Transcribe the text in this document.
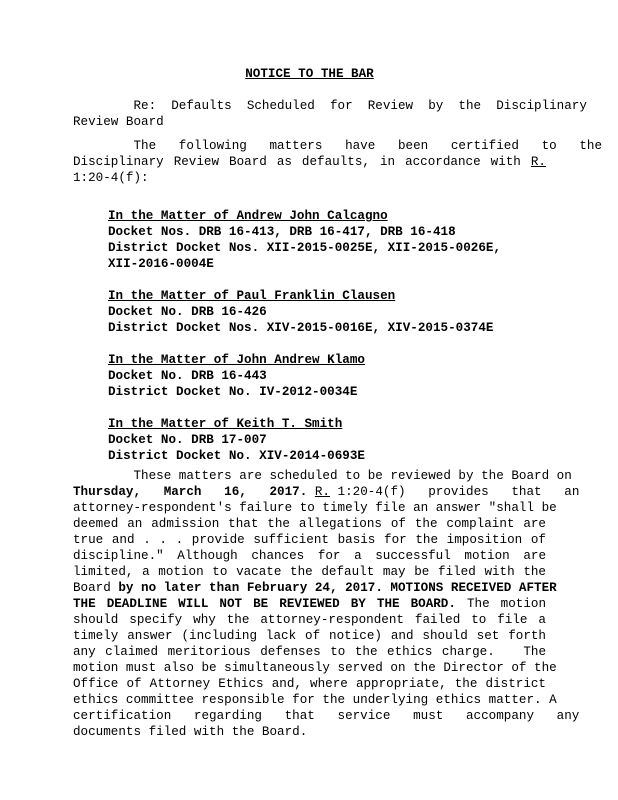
NOTICE TO THE BAR
Re:  Defaults  Scheduled  for  Review  by  the  Disciplinary
Review Board
The   following   matters   have   been   certified   to   the
Disciplinary Review Board as defaults, in accordance with R.
1:20-4(f):
In the Matter of Andrew John Calcagno
Docket Nos. DRB 16-413, DRB 16-417, DRB 16-418
District Docket Nos. XII-2015-0025E, XII-2015-0026E,
XII-2016-0004E
In the Matter of Paul Franklin Clausen
Docket No. DRB 16-426
District Docket Nos. XIV-2015-0016E, XIV-2015-0374E
In the Matter of John Andrew Klamo
Docket No. DRB 16-443
District Docket No. IV-2012-0034E
In the Matter of Keith T. Smith
Docket No. DRB 17-007
District Docket No. XIV-2014-0693E
These matters are scheduled to be reviewed by the Board on
Thursday,   March   16,   2017. R. 1:20-4(f)   provides   that   an
attorney-respondent's failure to timely file an answer "shall be
deemed an admission that the allegations of the complaint are
true and . . . provide sufficient basis for the imposition of
discipline." Although chances for a successful motion are
limited, a motion to vacate the default may be filed with the
Board by no later than February 24, 2017. MOTIONS RECEIVED AFTER
THE DEADLINE WILL NOT BE REVIEWED BY THE BOARD. The motion
should specify why the attorney-respondent failed to file a
timely answer (including lack of notice) and should set forth
any claimed meritorious defenses to the ethics charge.   The
motion must also be simultaneously served on the Director of the
Office of Attorney Ethics and, where appropriate, the district
ethics committee responsible for the underlying ethics matter. A
certification   regarding   that   service   must   accompany   any
documents filed with the Board.
